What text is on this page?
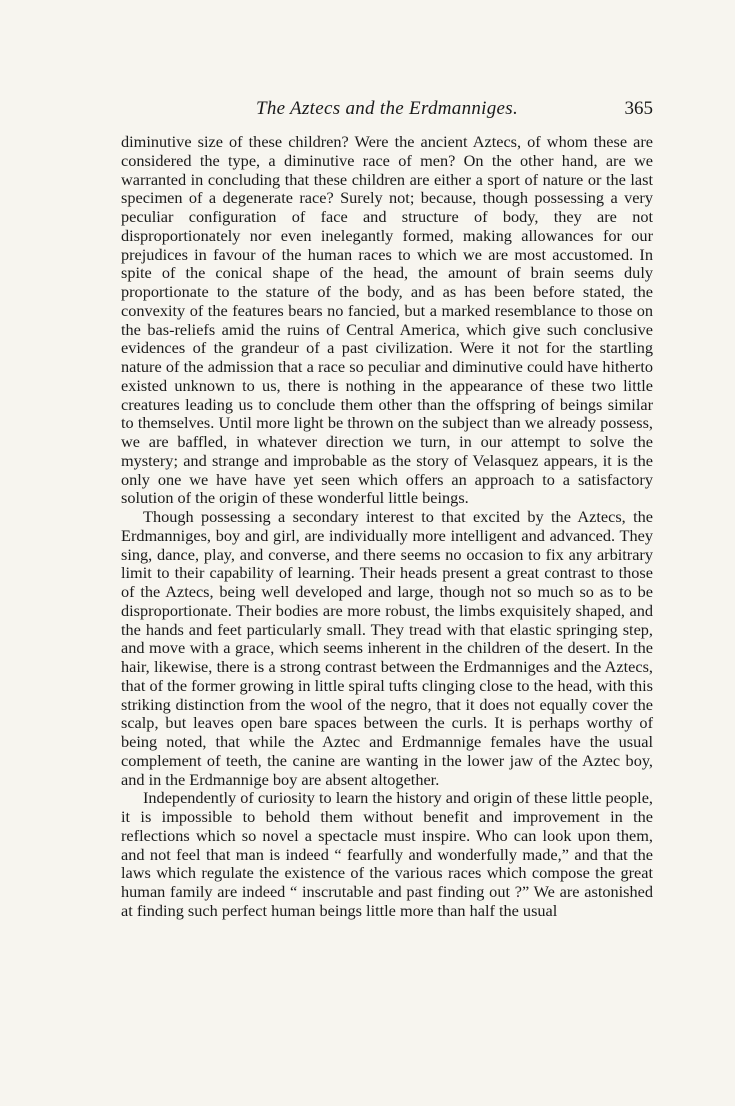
The Aztecs and the Erdmanniges.	365

diminutive size of these children? Were the ancient Aztecs, of whom these are considered the type, a diminutive race of men? On the other hand, are we warranted in concluding that these children are either a sport of nature or the last specimen of a degenerate race? Surely not; because, though possessing a very peculiar configuration of face and structure of body, they are not disproportionately nor even inelegantly formed, making allowances for our prejudices in favour of the human races to which we are most accustomed. In spite of the conical shape of the head, the amount of brain seems duly proportionate to the stature of the body, and as has been before stated, the convexity of the features bears no fancied, but a marked resemblance to those on the bas-reliefs amid the ruins of Central America, which give such conclusive evidences of the grandeur of a past civilization. Were it not for the startling nature of the admission that a race so peculiar and diminutive could have hitherto existed unknown to us, there is nothing in the appearance of these two little creatures leading us to conclude them other than the offspring of beings similar to themselves. Until more light be thrown on the subject than we already possess, we are baffled, in whatever direction we turn, in our attempt to solve the mystery; and strange and improbable as the story of Velasquez appears, it is the only one we have have yet seen which offers an approach to a satisfactory solution of the origin of these wonderful little beings.

Though possessing a secondary interest to that excited by the Aztecs, the Erdmanniges, boy and girl, are individually more intelligent and advanced. They sing, dance, play, and converse, and there seems no occasion to fix any arbitrary limit to their capability of learning. Their heads present a great contrast to those of the Aztecs, being well developed and large, though not so much so as to be disproportionate. Their bodies are more robust, the limbs exquisitely shaped, and the hands and feet particularly small. They tread with that elastic springing step, and move with a grace, which seems inherent in the children of the desert. In the hair, likewise, there is a strong contrast between the Erdmanniges and the Aztecs, that of the former growing in little spiral tufts clinging close to the head, with this striking distinction from the wool of the negro, that it does not equally cover the scalp, but leaves open bare spaces between the curls. It is perhaps worthy of being noted, that while the Aztec and Erdmannige females have the usual complement of teeth, the canine are wanting in the lower jaw of the Aztec boy, and in the Erdmannige boy are absent altogether.

Independently of curiosity to learn the history and origin of these little people, it is impossible to behold them without benefit and improvement in the reflections which so novel a spectacle must inspire. Who can look upon them, and not feel that man is indeed “ fearfully and wonderfully made,” and that the laws which regulate the existence of the various races which compose the great human family are indeed “ inscrutable and past finding out ?” We are astonished at finding such perfect human beings little more than half the usual
